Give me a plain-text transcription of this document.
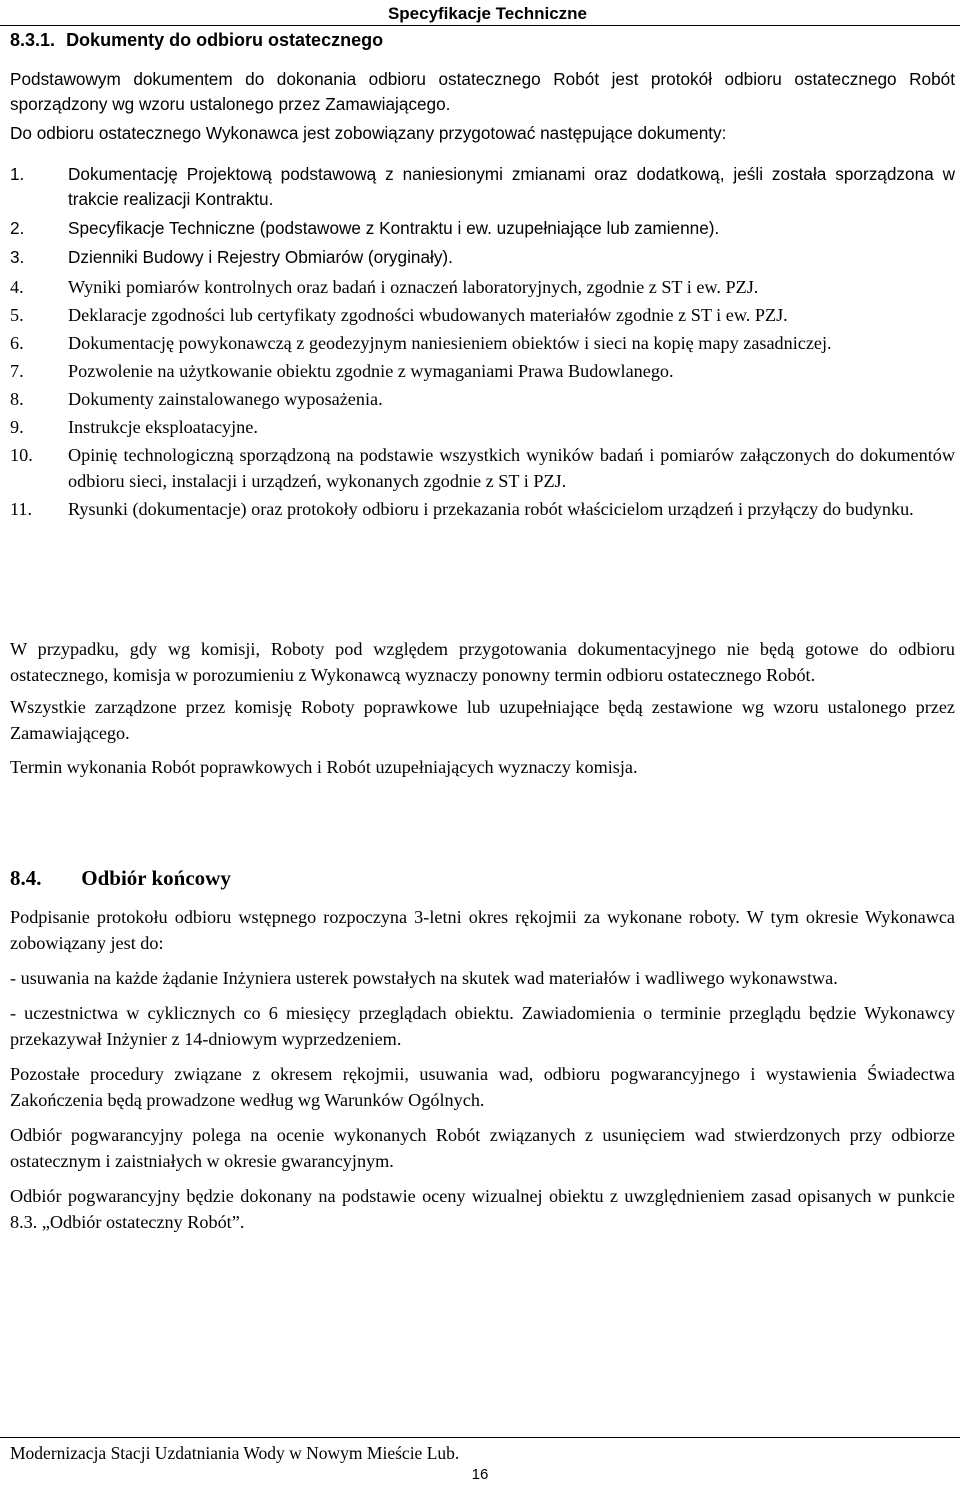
Specyfikacje Techniczne
8.3.1. Dokumenty do odbioru ostatecznego

Podstawowym dokumentem do dokonania odbioru ostatecznego Robót jest protokół odbioru ostatecznego Robót sporządzony wg wzoru ustalonego przez Zamawiającego.

Do odbioru ostatecznego Wykonawca jest zobowiązany przygotować następujące dokumenty:

1.	Dokumentację Projektową podstawową z naniesionymi zmianami oraz dodatkową, jeśli została sporządzona w trakcie realizacji Kontraktu.
2.	Specyfikacje Techniczne (podstawowe z Kontraktu i ew. uzupełniające lub zamienne).
3.	Dzienniki Budowy i Rejestry Obmiarów (oryginały).
4.	Wyniki pomiarów kontrolnych oraz badań i oznaczeń laboratoryjnych, zgodnie z ST i ew. PZJ.
5.	Deklaracje zgodności lub certyfikaty zgodności wbudowanych materiałów zgodnie z ST i ew. PZJ.
6.	Dokumentację powykonawczą z geodezyjnym naniesieniem obiektów i sieci na kopię mapy zasadniczej.
7.	Pozwolenie na użytkowanie obiektu zgodnie z wymaganiami Prawa Budowlanego.
8.	Dokumenty zainstalowanego wyposażenia.
9.	Instrukcje eksploatacyjne.
10.	Opinię technologiczną sporządzoną na podstawie wszystkich wyników badań i pomiarów załączonych do dokumentów odbioru sieci, instalacji i urządzeń, wykonanych zgodnie z ST i PZJ.
11.	Rysunki (dokumentacje) oraz protokoły odbioru i przekazania robót właścicielom urządzeń i przyłączy do budynku.

W przypadku, gdy wg komisji, Roboty pod względem przygotowania dokumentacyjnego nie będą gotowe do odbioru ostatecznego, komisja w porozumieniu z Wykonawcą wyznaczy ponowny termin odbioru ostatecznego Robót.

Wszystkie zarządzone przez komisję Roboty poprawkowe lub uzupełniające będą zestawione wg wzoru ustalonego przez Zamawiającego.

Termin wykonania Robót poprawkowych i Robót uzupełniających wyznaczy komisja.

8.4. Odbiór końcowy

Podpisanie protokołu odbioru wstępnego rozpoczyna 3-letni okres rękojmii za wykonane roboty. W tym okresie Wykonawca zobowiązany jest do:

- usuwania na każde żądanie Inżyniera usterek powstałych na skutek wad materiałów i wadliwego wykonawstwa.

- uczestnictwa w cyklicznych co 6 miesięcy przeglądach obiektu. Zawiadomienia o terminie przeglądu będzie Wykonawcy przekazywał Inżynier z 14-dniowym wyprzedzeniem.

Pozostałe procedury związane z okresem rękojmii, usuwania wad, odbioru pogwarancyjnego i wystawienia Świadectwa Zakończenia będą prowadzone według wg Warunków Ogólnych.

Odbiór pogwarancyjny polega na ocenie wykonanych Robót związanych z usunięciem wad stwierdzonych przy odbiorze ostatecznym i zaistniałych w okresie gwarancyjnym.

Odbiór pogwarancyjny będzie dokonany na podstawie oceny wizualnej obiektu z uwzględnieniem zasad opisanych w punkcie 8.3. „Odbiór ostateczny Robót”.

Modernizacja Stacji Uzdatniania Wody w Nowym Mieście Lub.
16
